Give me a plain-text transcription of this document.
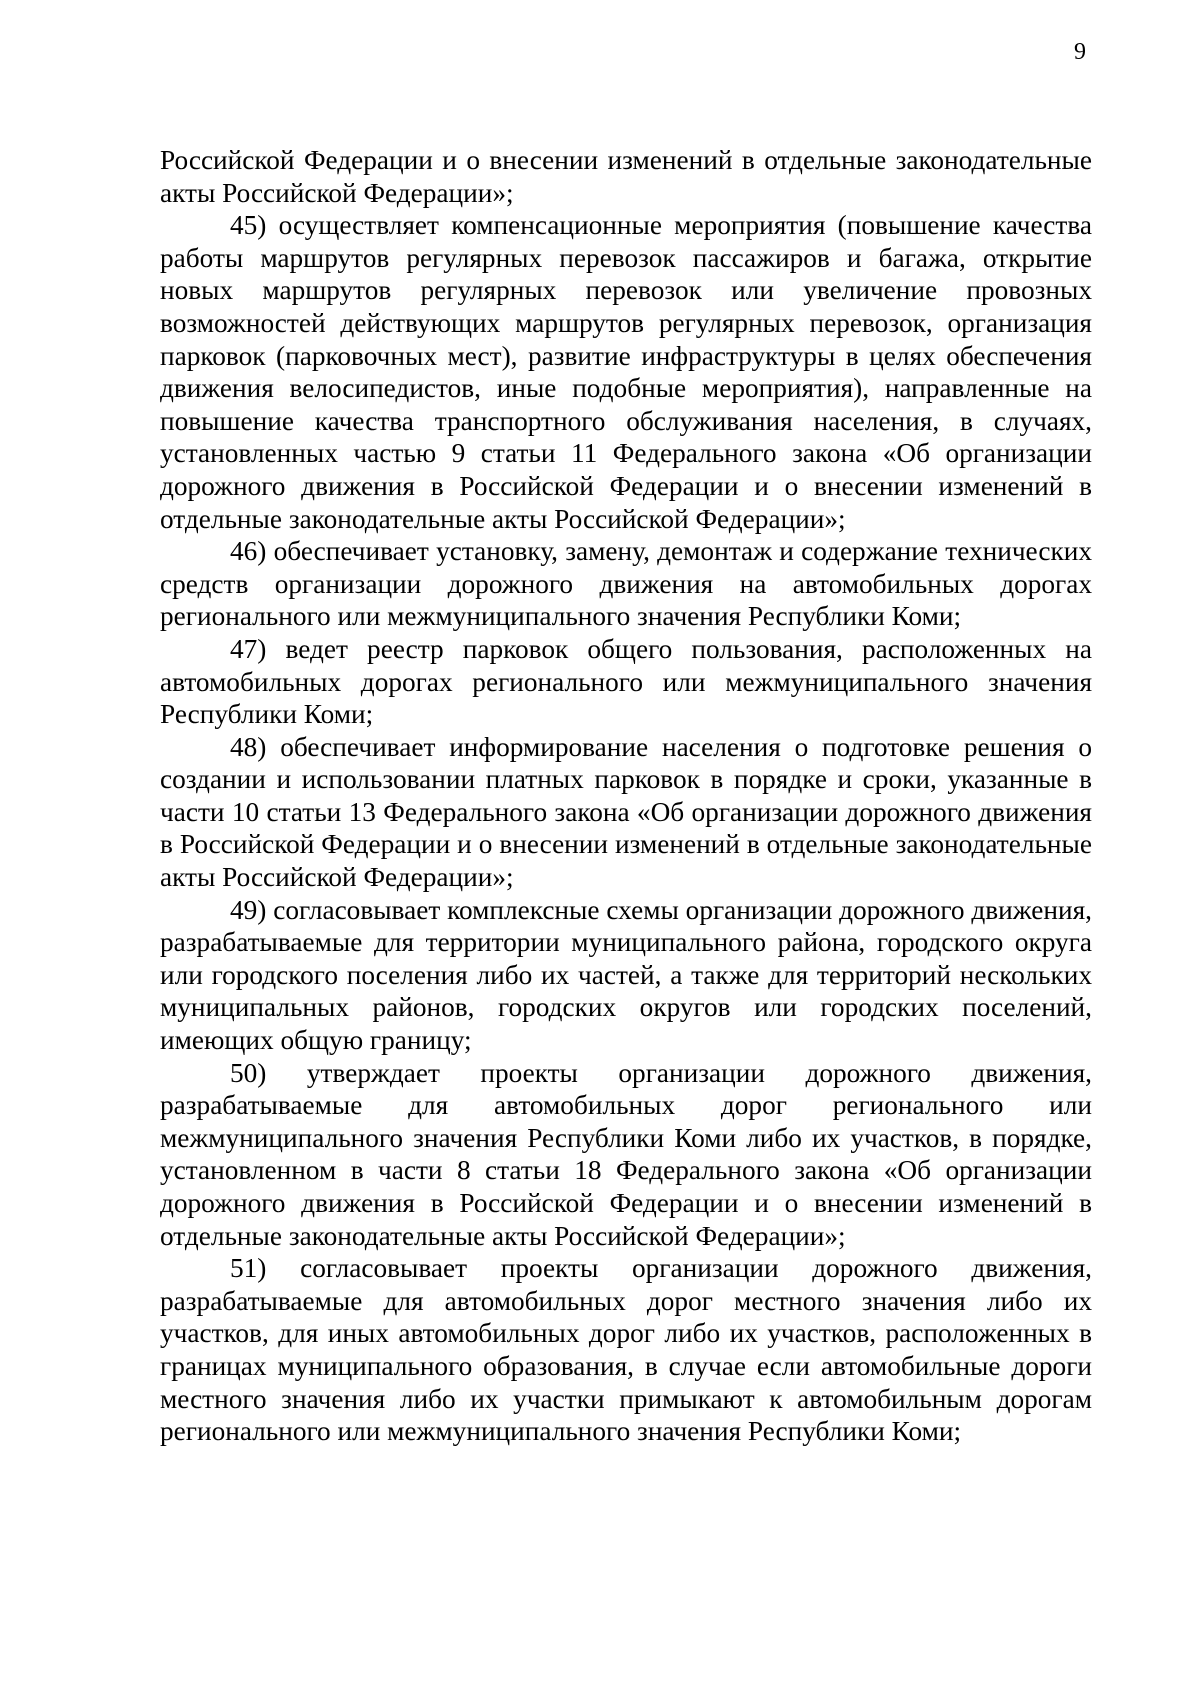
9

Российской Федерации и о внесении изменений в отдельные законодательные акты Российской Федерации»;

45) осуществляет компенсационные мероприятия (повышение качества работы маршрутов регулярных перевозок пассажиров и багажа, открытие новых маршрутов регулярных перевозок или увеличение провозных возможностей действующих маршрутов регулярных перевозок, организация парковок (парковочных мест), развитие инфраструктуры в целях обеспечения движения велосипедистов, иные подобные мероприятия), направленные на повышение качества транспортного обслуживания населения, в случаях, установленных частью 9 статьи 11 Федерального закона «Об организации дорожного движения в Российской Федерации и о внесении изменений в отдельные законодательные акты Российской Федерации»;

46) обеспечивает установку, замену, демонтаж и содержание технических средств организации дорожного движения на автомобильных дорогах регионального или межмуниципального значения Республики Коми;

47) ведет реестр парковок общего пользования, расположенных на автомобильных дорогах регионального или межмуниципального значения Республики Коми;

48) обеспечивает информирование населения о подготовке решения о создании и использовании платных парковок в порядке и сроки, указанные в части 10 статьи 13 Федерального закона «Об организации дорожного движения в Российской Федерации и о внесении изменений в отдельные законодательные акты Российской Федерации»;

49) согласовывает комплексные схемы организации дорожного движения, разрабатываемые для территории муниципального района, городского округа или городского поселения либо их частей, а также для территорий нескольких муниципальных районов, городских округов или городских поселений, имеющих общую границу;

50) утверждает проекты организации дорожного движения, разрабатываемые для автомобильных дорог регионального или межмуниципального значения Республики Коми либо их участков, в порядке, установленном в части 8 статьи 18 Федерального закона «Об организации дорожного движения в Российской Федерации и о внесении изменений в отдельные законодательные акты Российской Федерации»;

51) согласовывает проекты организации дорожного движения, разрабатываемые для автомобильных дорог местного значения либо их участков, для иных автомобильных дорог либо их участков, расположенных в границах муниципального образования, в случае если автомобильные дороги местного значения либо их участки примыкают к автомобильным дорогам регионального или межмуниципального значения Республики Коми;
